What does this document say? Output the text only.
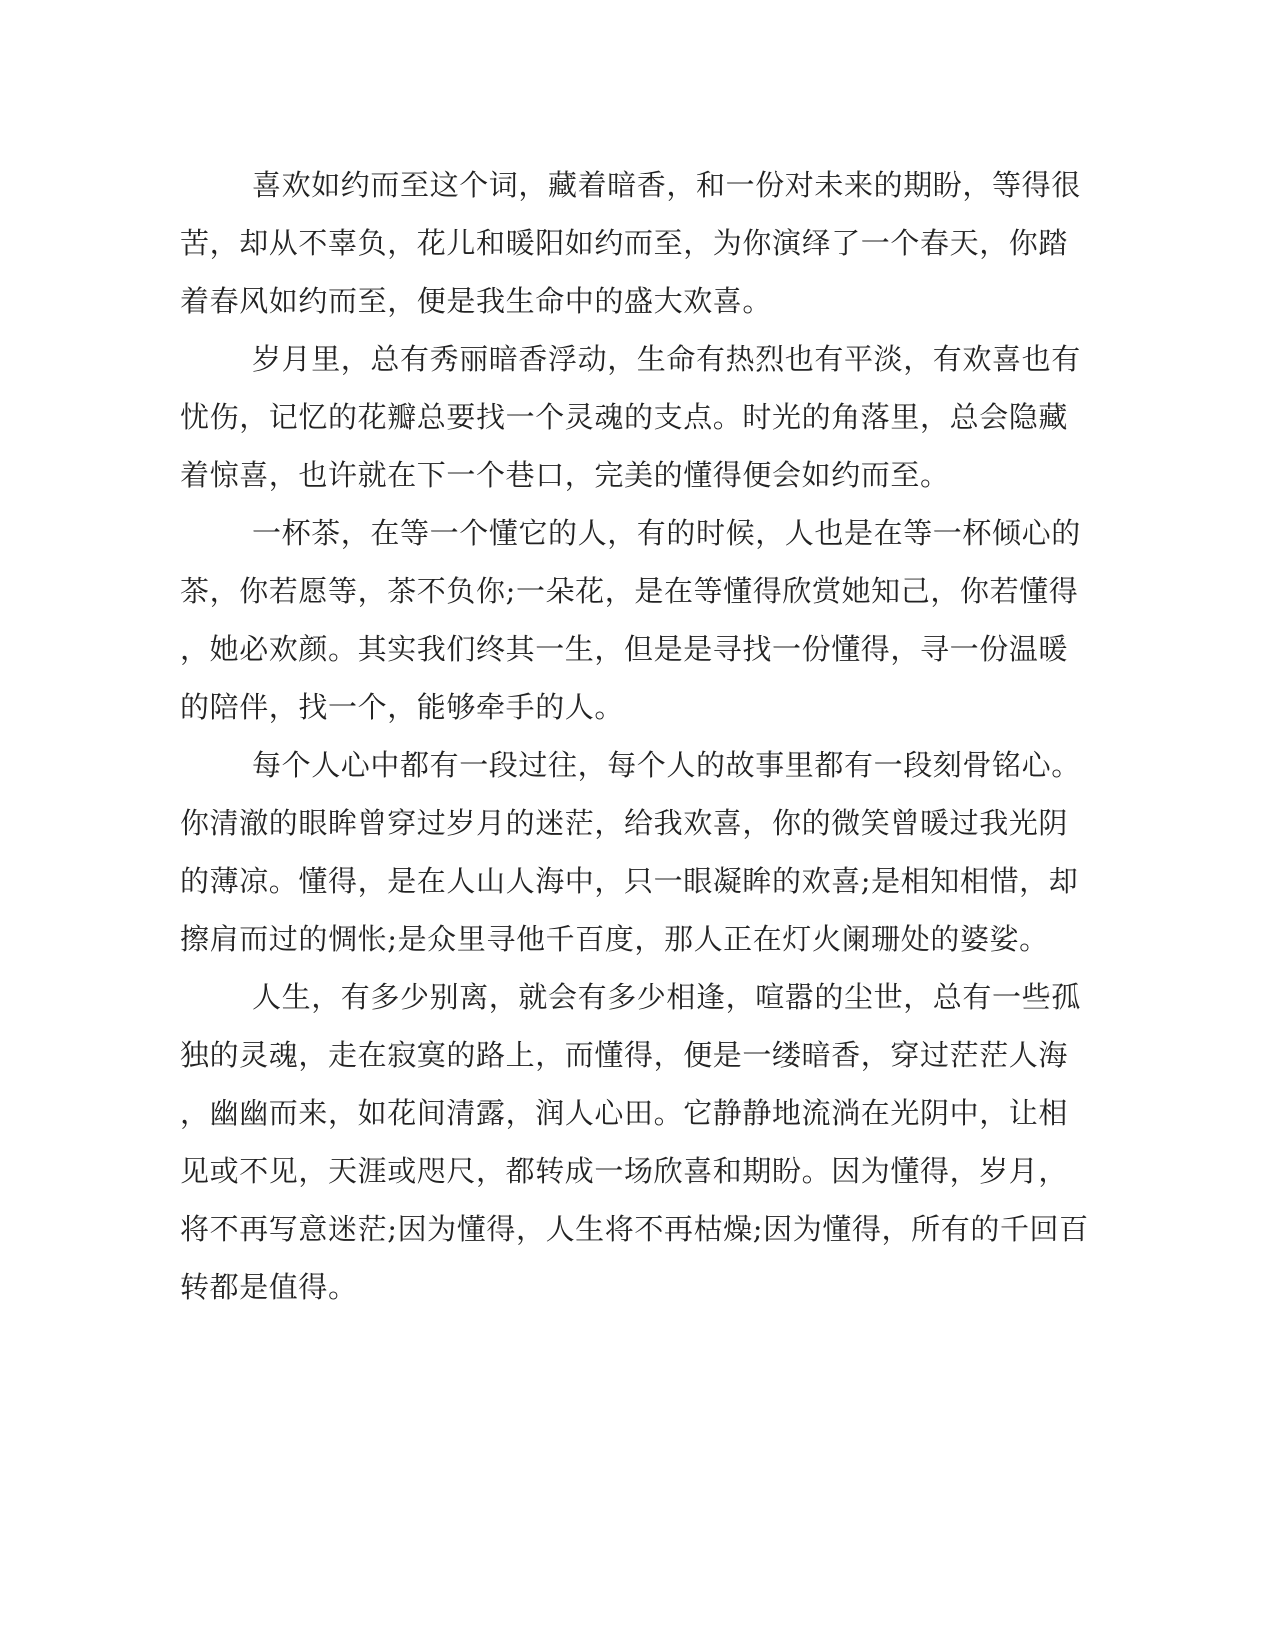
喜欢如约而至这个词，藏着暗香，和一份对未来的期盼，等得很
苦，却从不辜负，花儿和暖阳如约而至，为你演绎了一个春天，你踏
着春风如约而至，便是我生命中的盛大欢喜。
岁月里，总有秀丽暗香浮动，生命有热烈也有平淡，有欢喜也有
忧伤，记忆的花瓣总要找一个灵魂的支点。时光的角落里，总会隐藏
着惊喜，也许就在下一个巷口，完美的懂得便会如约而至。
一杯茶，在等一个懂它的人，有的时候，人也是在等一杯倾心的
茶，你若愿等，茶不负你;一朵花，是在等懂得欣赏她知己，你若懂得
，她必欢颜。其实我们终其一生，但是是寻找一份懂得，寻一份温暖
的陪伴，找一个，能够牵手的人。
每个人心中都有一段过往，每个人的故事里都有一段刻骨铭心。
你清澈的眼眸曾穿过岁月的迷茫，给我欢喜，你的微笑曾暖过我光阴
的薄凉。懂得，是在人山人海中，只一眼凝眸的欢喜;是相知相惜，却
擦肩而过的惆怅;是众里寻他千百度，那人正在灯火阑珊处的婆娑。
人生，有多少别离，就会有多少相逢，喧嚣的尘世，总有一些孤
独的灵魂，走在寂寞的路上，而懂得，便是一缕暗香，穿过茫茫人海
，幽幽而来，如花间清露，润人心田。它静静地流淌在光阴中，让相
见或不见，天涯或咫尺，都转成一场欣喜和期盼。因为懂得，岁月，
将不再写意迷茫;因为懂得，人生将不再枯燥;因为懂得，所有的千回百
转都是值得。
